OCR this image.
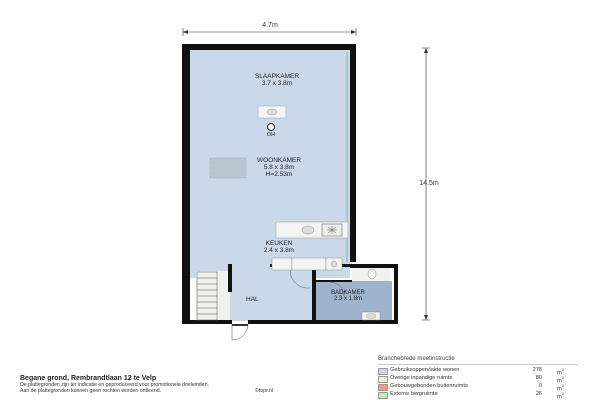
4.7m
14.5m
OH
SLAAPKAMER
3.7 x 3.8m
WOONKAMER
5.8 x 3.8m
H=2.53m
KEUKEN
2.4 x 3.8m
HAL
BADKAMER
2.3 x 1.8m
Begane grond, Rembrandtlaan 12 te Velp
De plattegronden zijn ter indicatie en geproduceerd voor promotionele doeleinden.
Aan de plattegronden kunnen geen rechten worden ontleend.	©topr.nl
Branchebrede meetinstructie
Gebruiksoppervlakte wonen	278	$m^2$
Overige inpandige ruimte	80	$m^2$
Gebouwgebonden buitenruimte	0	$m^2$
Externe bergruimte	26	$m^2$
